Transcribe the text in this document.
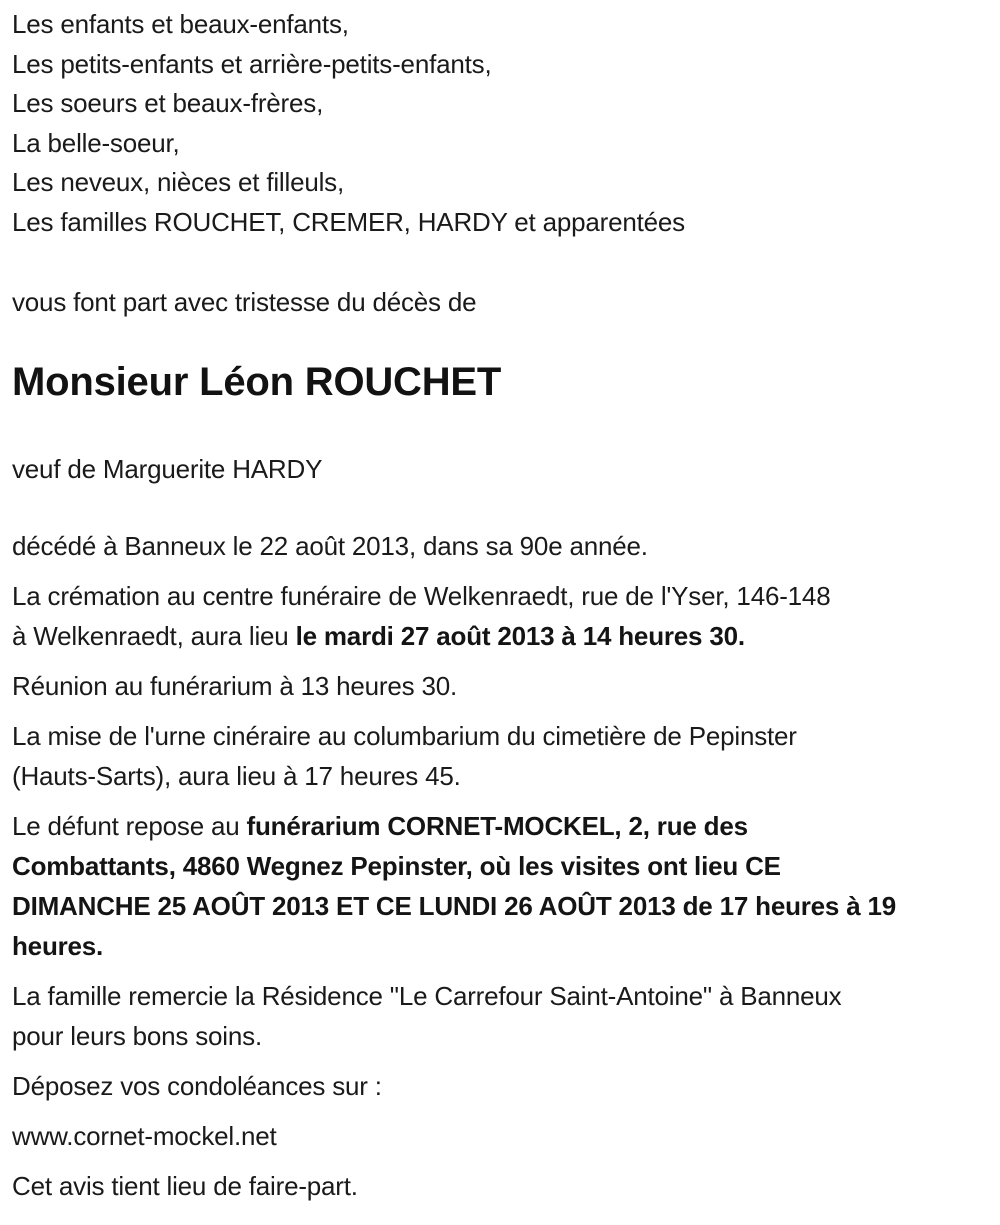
Les enfants et beaux-enfants,
Les petits-enfants et arrière-petits-enfants,
Les soeurs et beaux-frères,
La belle-soeur,
Les neveux, nièces et filleuls,
Les familles ROUCHET, CREMER, HARDY et apparentées
vous font part avec tristesse du décès de
Monsieur Léon ROUCHET
veuf de Marguerite HARDY

décédé à Banneux le 22 août 2013, dans sa 90e année.

La crémation au centre funéraire de Welkenraedt, rue de l'Yser, 146-148
à Welkenraedt, aura lieu le mardi 27 août 2013 à 14 heures 30.

Réunion au funérarium à 13 heures 30.

La mise de l'urne cinéraire au columbarium du cimetière de Pepinster
(Hauts-Sarts), aura lieu à 17 heures 45.

Le défunt repose au funérarium CORNET-MOCKEL, 2, rue des
Combattants, 4860 Wegnez Pepinster, où les visites ont lieu CE
DIMANCHE 25 AOÛT 2013 ET CE LUNDI 26 AOÛT 2013 de 17 heures à 19
heures.

La famille remercie la Résidence "Le Carrefour Saint-Antoine" à Banneux
pour leurs bons soins.

Déposez vos condoléances sur :

www.cornet-mockel.net

Cet avis tient lieu de faire-part.
